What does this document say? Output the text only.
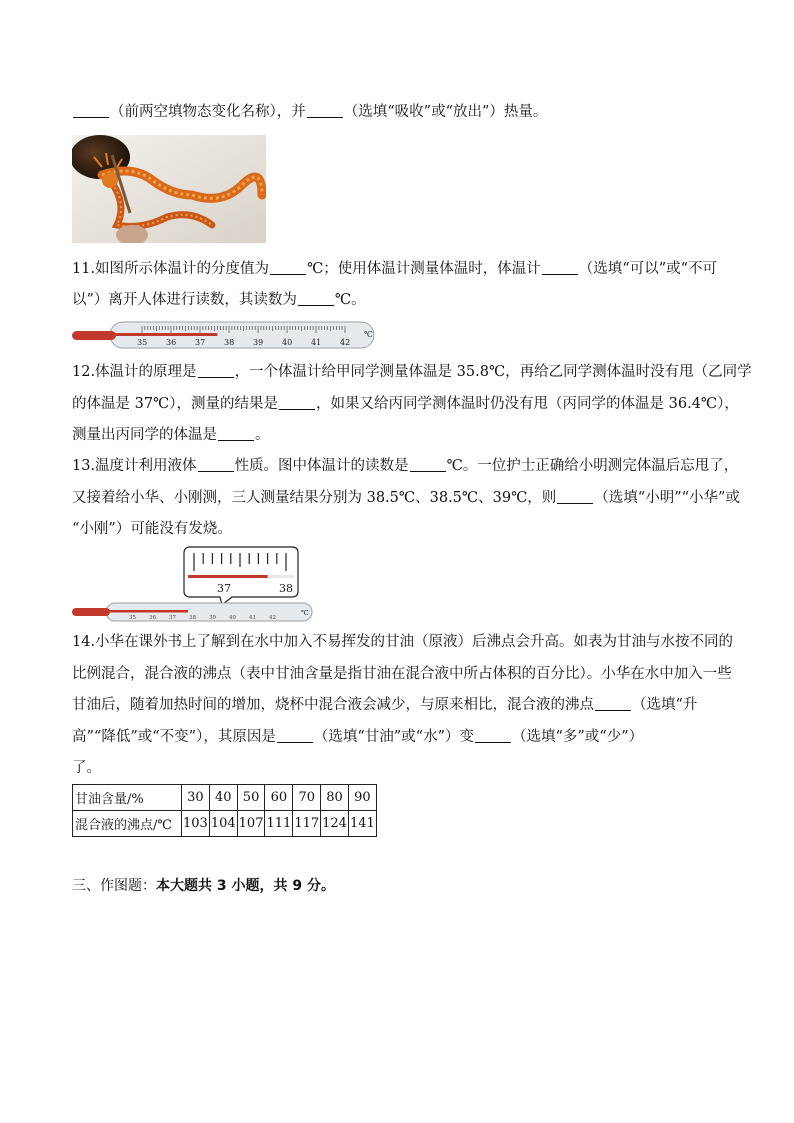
（前两空填物态变化名称），并	（选填“吸收”或“放出”）热量。
11.如图所示体温计的分度值为	℃；使用体温计测量体温时，体温计	（选填“可以”或“不可
以”）离开人体进行读数，其读数为	℃。
35 36 37 38 39 40 41 42
℃
12.体温计的原理是	，一个体温计给甲同学测量体温是 35.8℃，再给乙同学测体温时没有甩（乙同学
的体温是 37℃），测量的结果是	，如果又给丙同学测体温时仍没有甩（丙同学的体温是 36.4℃），
测量出丙同学的体温是	。
13.温度计利用液体	性质。图中体温计的读数是	℃。一位护士正确给小明测完体温后忘甩了，
又接着给小华、小刚测，三人测量结果分别为 38.5℃、38.5℃、39℃，则	（选填“小明”“小华”或
“小刚”）可能没有发烧。
37	38
35 36 37 38 39 40 41 42
℃
14.小华在课外书上了解到在水中加入不易挥发的甘油（原液）后沸点会升高。如表为甘油与水按不同的
比例混合，混合液的沸点（表中甘油含量是指甘油在混合液中所占体积的百分比）。小华在水中加入一些
甘油后，随着加热时间的增加，烧杯中混合液会减少，与原来相比，混合液的沸点	（选填“升
高”“降低”或“不变”），其原因是	（选填“甘油”或“水”）变	（选填“多”或“少”）
了。
甘油含量/%	30	40	50	60	70	80	90
混合液的沸点/℃	103	104	107	111	117	124	141
三、作图题：本大题共 3 小题，共 9 分。
